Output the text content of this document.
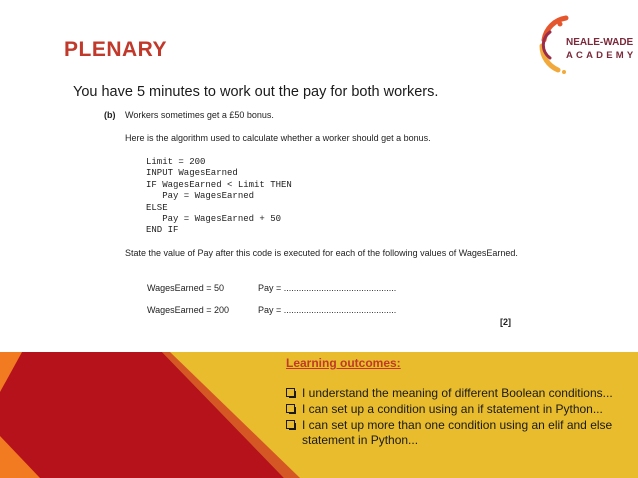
PLENARY	NEALE-WADE
ACADEMY
You have 5 minutes to work out the pay for both workers.
(b) Workers sometimes get a £50 bonus.
Here is the algorithm used to calculate whether a worker should get a bonus.
Limit = 200
INPUT WagesEarned
IF WagesEarned < Limit THEN
Pay = WagesEarned
ELSE
Pay = WagesEarned + 50
END IF
State the value of Pay after this code is executed for each of the following values of WagesEarned.
WagesEarned = 50	Pay = .............................................
WagesEarned = 200	Pay = .............................................
[2]
Learning outcomes:
I understand the meaning of different Boolean conditions...
I can set up a condition using an if statement in Python...
I can set up more than one condition using an elif and else statement in Python...
